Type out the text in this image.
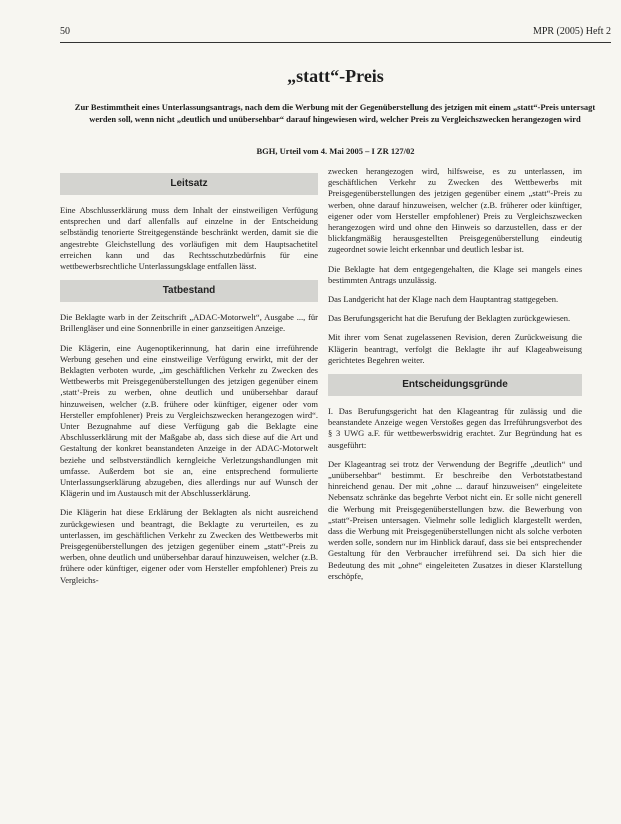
50	MPR (2005) Heft 2
„statt“-Preis
Zur Bestimmtheit eines Unterlassungsantrags, nach dem die Werbung mit der Gegenüberstellung des jetzigen mit einem „statt“-Preis untersagt werden soll, wenn nicht „deutlich und unübersehbar“ darauf hingewiesen wird, welcher Preis zu Vergleichszwecken herangezogen wird
BGH, Urteil vom 4. Mai 2005 – I ZR 127/02
Leitsatz

Eine Abschlusserklärung muss dem Inhalt der einstweiligen Verfügung entsprechen und darf allenfalls auf einzelne in der Entscheidung selbständig tenorierte Streitgegenstände beschränkt werden, damit sie die angestrebte Gleichstellung des vorläufigen mit dem Hauptsachetitel erreichen kann und das Rechtsschutzbedürfnis für eine wettbewerbsrechtliche Unterlassungsklage entfallen lässt.

Tatbestand

Die Beklagte warb in der Zeitschrift „ADAC-Motorwelt“, Ausgabe ..., für Brillengläser und eine Sonnenbrille in einer ganzseitigen Anzeige.

Die Klägerin, eine Augenoptikerinnung, hat darin eine irreführende Werbung gesehen und eine einstweilige Verfügung erwirkt, mit der der Beklagten verboten wurde, „im geschäftlichen Verkehr zu Zwecken des Wettbewerbs mit Preisgegenüberstellungen des jetzigen gegenüber einem ‚statt‘-Preis zu werben, ohne deutlich und unübersehbar darauf hinzuweisen, welcher (z.B. frühere oder künftiger, eigener oder vom Hersteller empfohlener) Preis zu Vergleichszwecken herangezogen wird“. Unter Bezugnahme auf diese Verfügung gab die Beklagte eine Abschlusserklärung mit der Maßgabe ab, dass sich diese auf die Art und Gestaltung der konkret beanstandeten Anzeige in der ADAC-Motorwelt beziehe und selbstverständlich kerngleiche Verletzungshandlungen mit umfasse. Außerdem bot sie an, eine entsprechend formulierte Unterlassungserklärung abzugeben, dies allerdings nur auf Wunsch der Klägerin und im Austausch mit der Abschlusserklärung.

Die Klägerin hat diese Erklärung der Beklagten als nicht ausreichend zurückgewiesen und beantragt, die Beklagte zu verurteilen, es zu unterlassen, im geschäftlichen Verkehr zu Zwecken des Wettbewerbs mit Preisgegenüberstellungen des jetzigen gegenüber einem „statt“-Preis zu werben, ohne deutlich und unübersehbar darauf hinzuweisen, welcher (z.B. frühere oder künftiger, eigener oder vom Hersteller empfohlener) Preis zu Vergleichs-

zwecken herangezogen wird, hilfsweise, es zu unterlassen, im geschäftlichen Verkehr zu Zwecken des Wettbewerbs mit Preisgegenüberstellungen des jetzigen gegenüber einem „statt“-Preis zu werben, ohne darauf hinzuweisen, welcher (z.B. früherer oder künftiger, eigener oder vom Hersteller empfohlener) Preis zu Vergleichszwecken herangezogen wird und ohne den Hinweis so darzustellen, dass er der blickfangmäßig herausgestellten Preisgegenüberstellung eindeutig zugeordnet sowie leicht erkennbar und deutlich lesbar ist.

Die Beklagte hat dem entgegengehalten, die Klage sei mangels eines bestimmten Antrags unzulässig.

Das Landgericht hat der Klage nach dem Hauptantrag stattgegeben.

Das Berufungsgericht hat die Berufung der Beklagten zurückgewiesen.

Mit ihrer vom Senat zugelassenen Revision, deren Zurückweisung die Klägerin beantragt, verfolgt die Beklagte ihr auf Klageabweisung gerichtetes Begehren weiter.

Entscheidungsgründe

I. Das Berufungsgericht hat den Klageantrag für zulässig und die beanstandete Anzeige wegen Verstoßes gegen das Irreführungsverbot des § 3 UWG a.F. für wettbewerbswidrig erachtet. Zur Begründung hat es ausgeführt:

Der Klageantrag sei trotz der Verwendung der Begriffe „deutlich“ und „unübersehbar“ bestimmt. Er beschreibe den Verbotstatbestand hinreichend genau. Der mit „ohne ... darauf hinzuweisen“ eingeleitete Nebensatz schränke das begehrte Verbot nicht ein. Er solle nicht generell die Werbung mit Preisgegenüberstellungen bzw. die Bewerbung von „statt“-Preisen untersagen. Vielmehr solle lediglich klargestellt werden, dass die Werbung mit Preisgegenüberstellungen nicht als solche verboten werden solle, sondern nur im Hinblick darauf, dass sie bei entsprechender Gestaltung für den Verbraucher irreführend sei. Da sich hier die Bedeutung des mit „ohne“ eingeleiteten Zusatzes in dieser Klarstellung erschöpfe,
